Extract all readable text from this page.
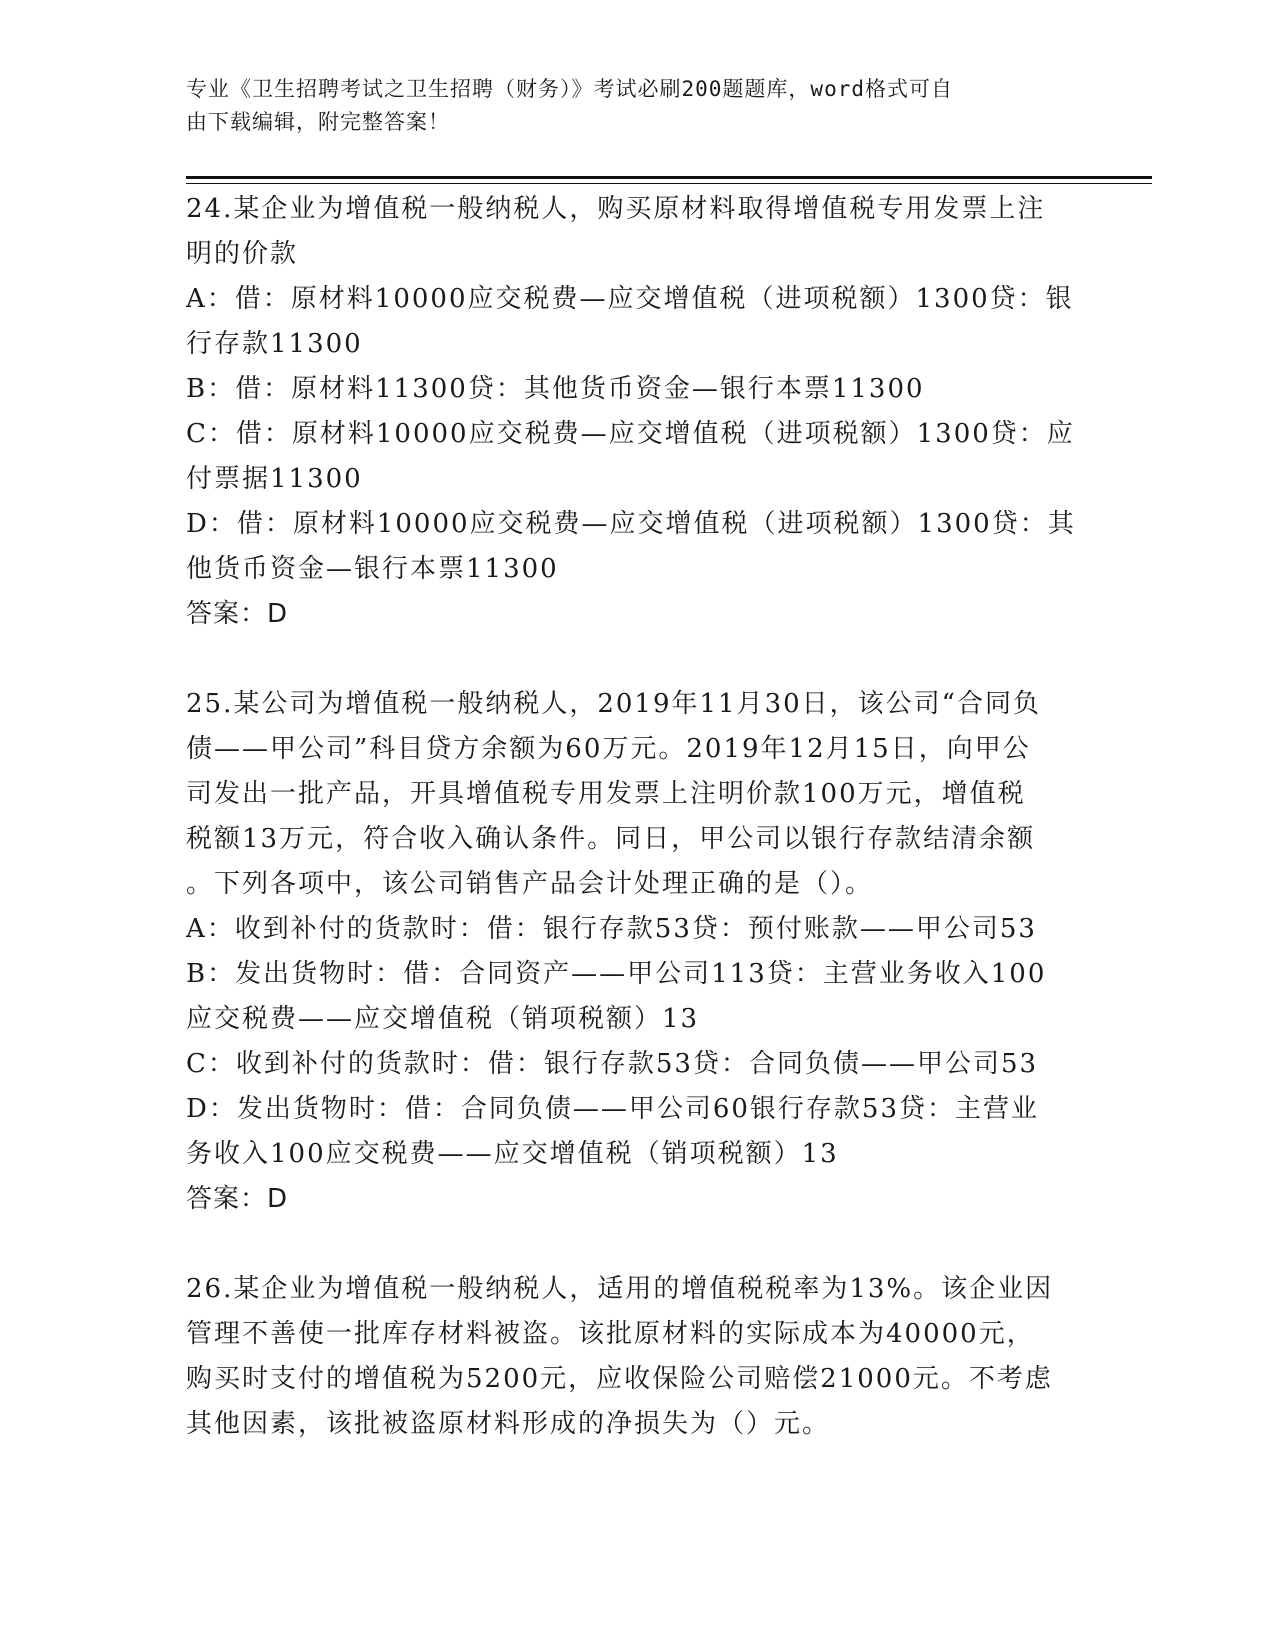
专业《卫生招聘考试之卫生招聘（财务）》考试必刷200题题库，word格式可自
由下载编辑，附完整答案！
24.某企业为增值税一般纳税人，购买原材料取得增值税专用发票上注
明的价款
A：借：原材料10000应交税费—应交增值税（进项税额）1300贷：银
行存款11300
B：借：原材料11300贷：其他货币资金—银行本票11300
C：借：原材料10000应交税费—应交增值税（进项税额）1300贷：应
付票据11300
D：借：原材料10000应交税费—应交增值税（进项税额）1300贷：其
他货币资金—银行本票11300
答案：D
25.某公司为增值税一般纳税人，2019年11月30日，该公司“合同负
债——甲公司”科目贷方余额为60万元。2019年12月15日，向甲公
司发出一批产品，开具增值税专用发票上注明价款100万元，增值税
税额13万元，符合收入确认条件。同日，甲公司以银行存款结清余额
。下列各项中，该公司销售产品会计处理正确的是（）。
A：收到补付的货款时：借：银行存款53贷：预付账款——甲公司53
B：发出货物时：借：合同资产——甲公司113贷：主营业务收入100
应交税费——应交增值税（销项税额）13
C：收到补付的货款时：借：银行存款53贷：合同负债——甲公司53
D：发出货物时：借：合同负债——甲公司60银行存款53贷：主营业
务收入100应交税费——应交增值税（销项税额）13
答案：D
26.某企业为增值税一般纳税人，适用的增值税税率为13%。该企业因
管理不善使一批库存材料被盗。该批原材料的实际成本为40000元，
购买时支付的增值税为5200元，应收保险公司赔偿21000元。不考虑
其他因素，该批被盗原材料形成的净损失为（）元。
